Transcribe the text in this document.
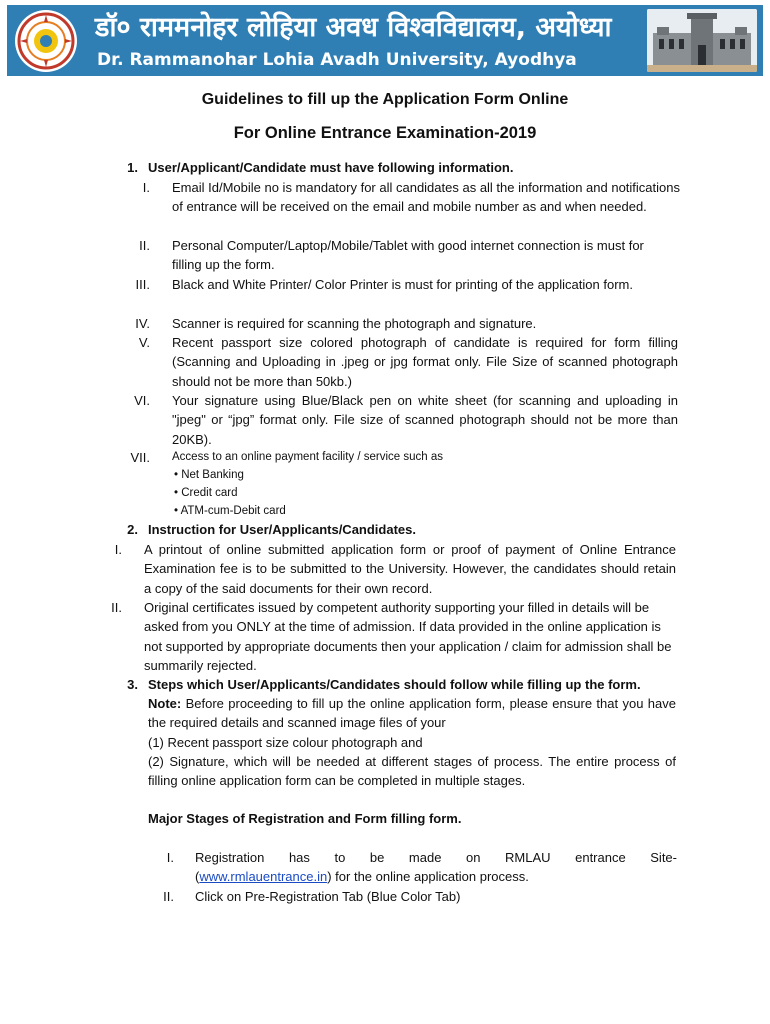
डॉ० राममनोहर लोहिया अवध विश्वविद्यालय, अयोध्या
Dr. Rammanohar Lohia Avadh University, Ayodhya
Guidelines to fill up the Application Form Online
For Online Entrance Examination-2019
1. User/Applicant/Candidate must have following information.
I. Email Id/Mobile no is mandatory for all candidates as all the information and notifications of entrance will be received on the email and mobile number as and when needed.
II. Personal Computer/Laptop/Mobile/Tablet with good internet connection is must for filling up the form.
III. Black and White Printer/ Color Printer is must for printing of the application form.
IV. Scanner is required for scanning the photograph and signature.
V. Recent passport size colored photograph of candidate is required for form filling (Scanning and Uploading in .jpeg or jpg format only. File Size of scanned photograph should not be more than 50kb.)
VI. Your signature using Blue/Black pen on white sheet (for scanning and uploading in "jpeg" or “jpg” format only. File size of scanned photograph should not be more than 20KB).
VII. Access to an online payment facility / service such as
• Net Banking
• Credit card
• ATM-cum-Debit card
2. Instruction for User/Applicants/Candidates.
I. A printout of online submitted application form or proof of payment of Online Entrance Examination fee is to be submitted to the University. However, the candidates should retain a copy of the said documents for their own record.
II. Original certificates issued by competent authority supporting your filled in details will be asked from you ONLY at the time of admission. If data provided in the online application is not supported by appropriate documents then your application / claim for admission shall be summarily rejected.
3. Steps which User/Applicants/Candidates should follow while filling up the form.
Note: Before proceeding to fill up the online application form, please ensure that you have the required details and scanned image files of your
(1) Recent passport size colour photograph and
(2) Signature, which will be needed at different stages of process. The entire process of filling online application form can be completed in multiple stages.
Major Stages of Registration and Form filling form.
I. Registration has to be made on RMLAU entrance Site-
(www.rmlauentrance.in) for the online application process.
II. Click on Pre-Registration Tab (Blue Color Tab)
